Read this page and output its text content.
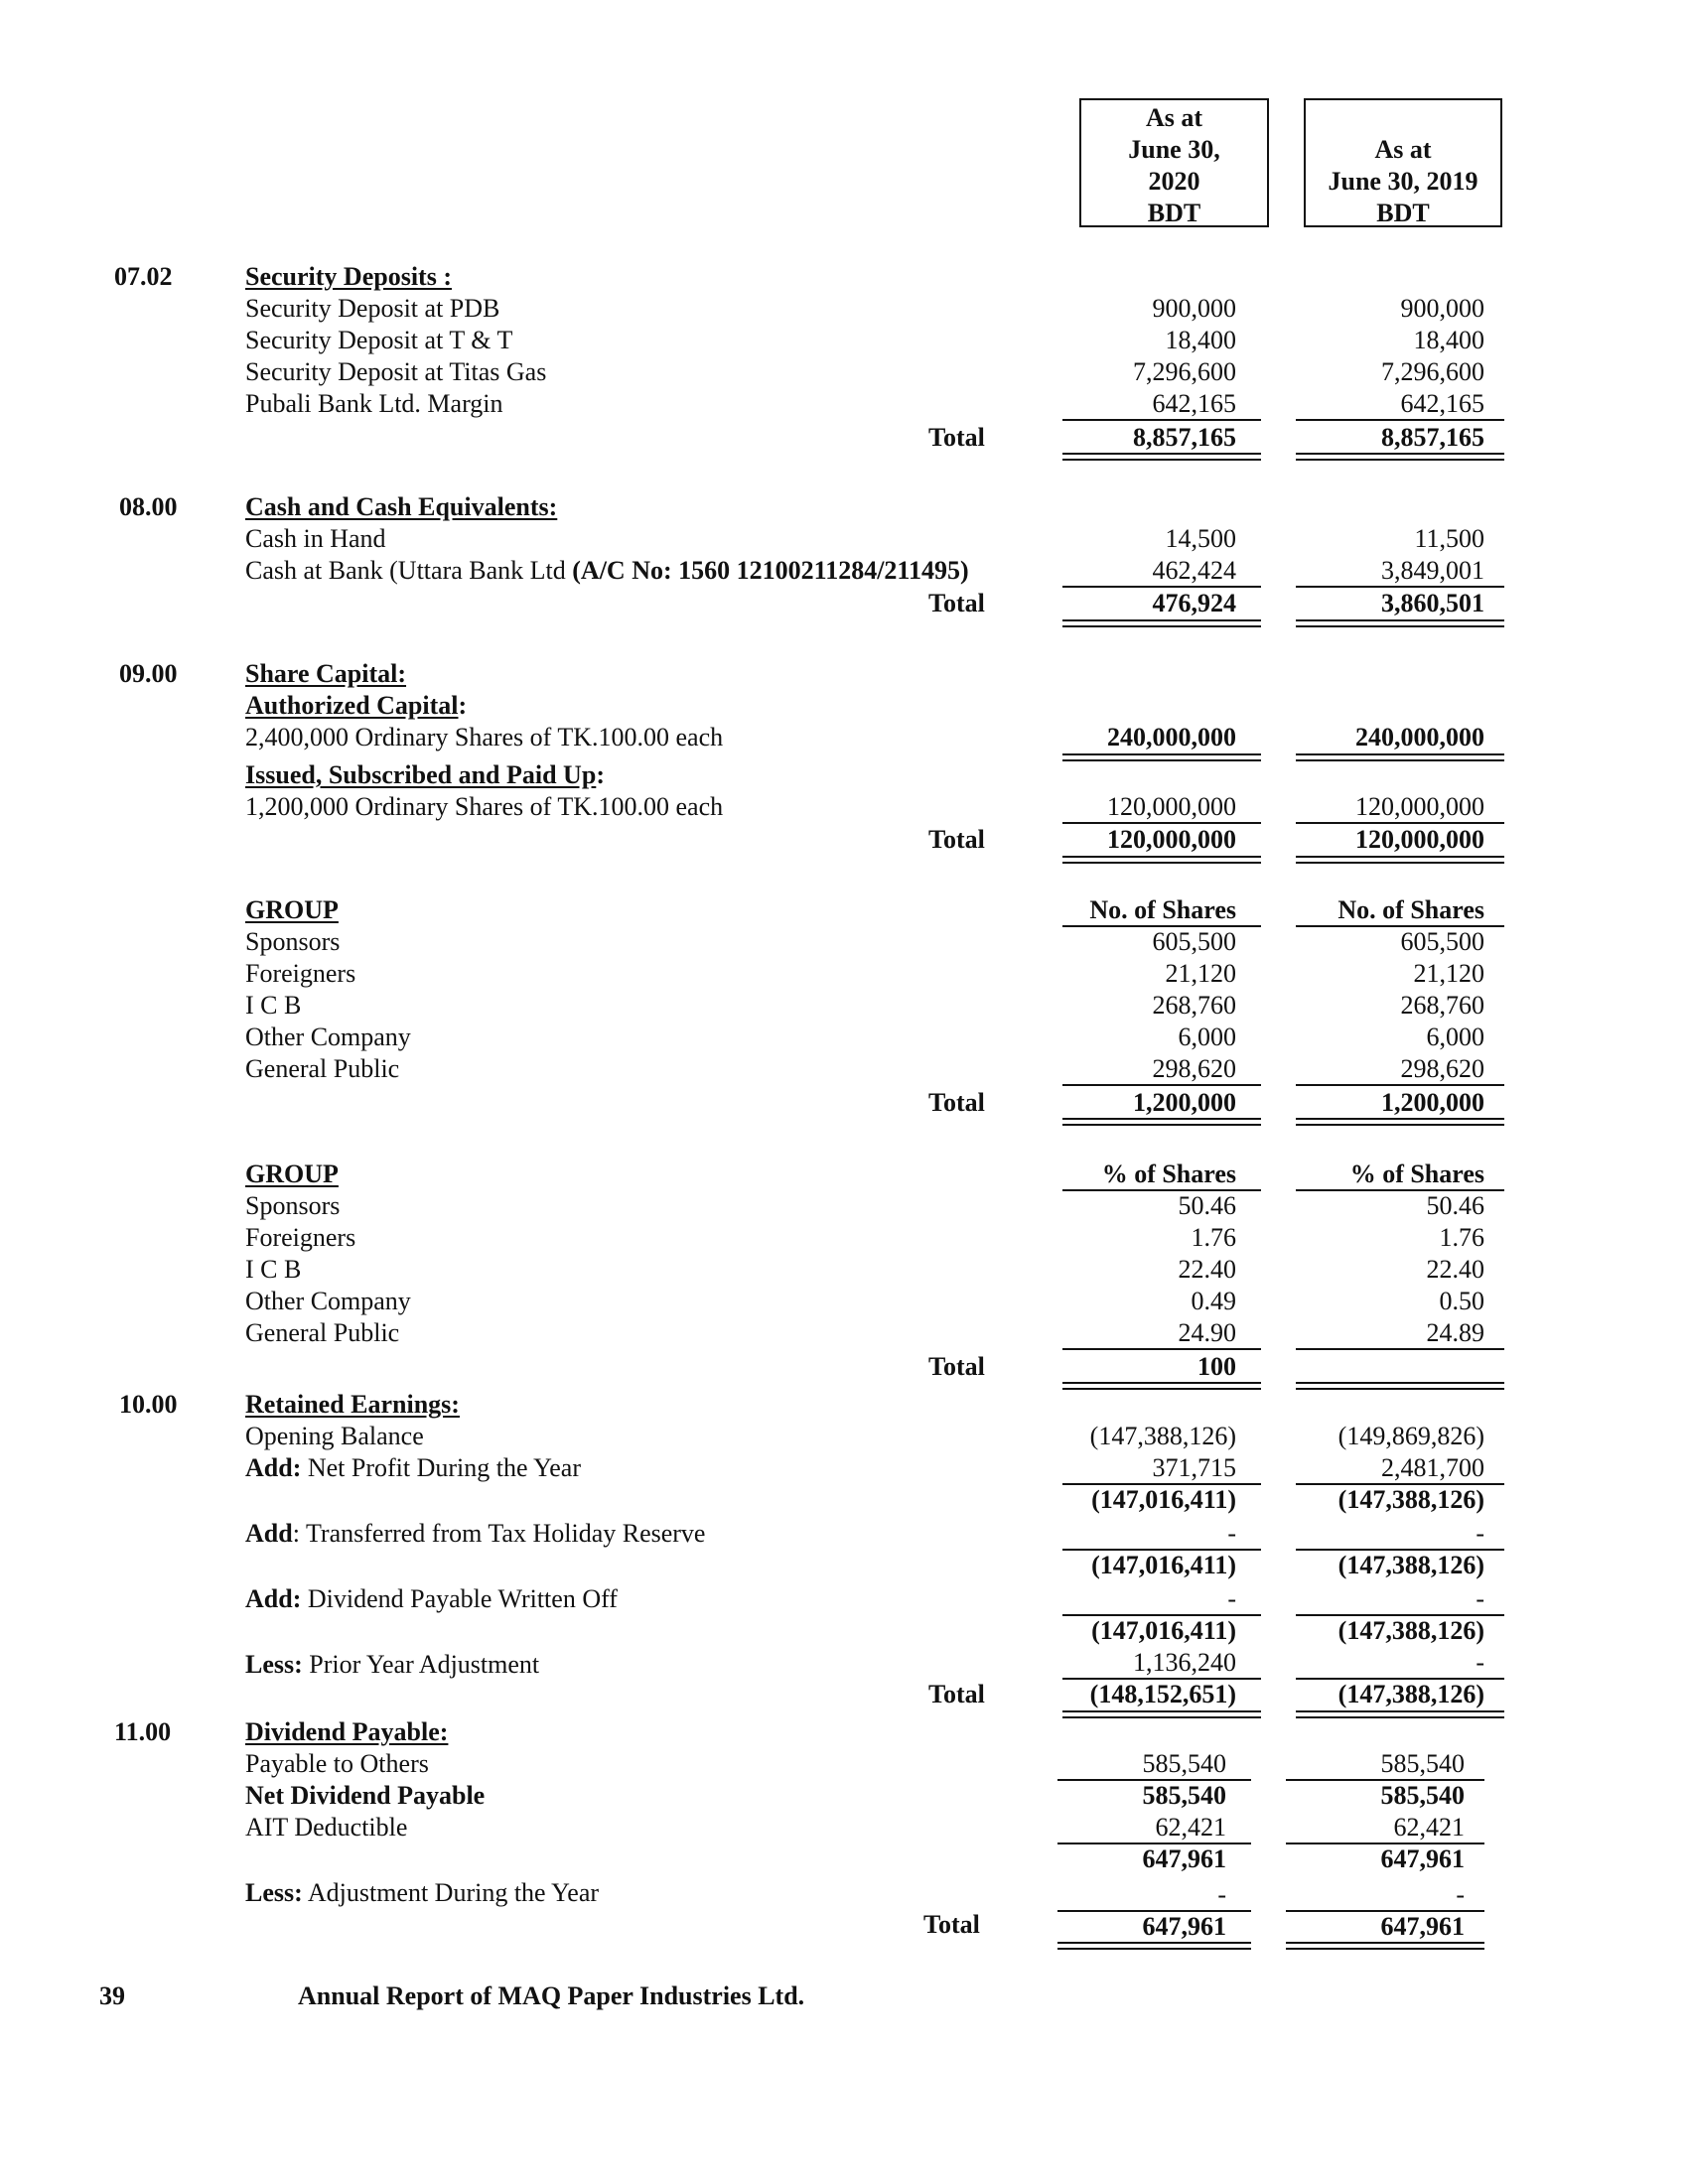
As at
June 30,
2020
BDT
As at
June 30, 2019
BDT
07.02	Security Deposits :
Security Deposit at PDB	900,000	900,000
Security Deposit at T & T	18,400	18,400
Security Deposit at Titas Gas	7,296,600	7,296,600
Pubali Bank Ltd. Margin	642,165	642,165
Total	8,857,165	8,857,165
08.00	Cash and Cash Equivalents:
Cash in Hand	14,500	11,500
Cash at Bank (Uttara Bank Ltd (A/C No: 1560 12100211284/211495)	462,424	3,849,001
Total	476,924	3,860,501
09.00	Share Capital:
Authorized Capital:
2,400,000 Ordinary Shares of TK.100.00 each	240,000,000	240,000,000
Issued, Subscribed and Paid Up:
1,200,000 Ordinary Shares of TK.100.00 each	120,000,000	120,000,000
Total	120,000,000	120,000,000
GROUP	No. of Shares	No. of Shares
Sponsors	605,500	605,500
Foreigners	21,120	21,120
I C B	268,760	268,760
Other Company	6,000	6,000
General Public	298,620	298,620
Total	1,200,000	1,200,000
GROUP	% of Shares	% of Shares
Sponsors	50.46	50.46
Foreigners	1.76	1.76
I C B	22.40	22.40
Other Company	0.49	0.50
General Public	24.90	24.89
Total	100
10.00	Retained Earnings:
Opening Balance	(147,388,126)	(149,869,826)
Add: Net Profit During the Year	371,715	2,481,700
(147,016,411)	(147,388,126)
Add: Transferred from Tax Holiday Reserve	-	-
(147,016,411)	(147,388,126)
Add: Dividend Payable Written Off	-	-
(147,016,411)	(147,388,126)
Less: Prior Year Adjustment	1,136,240	-
Total	(148,152,651)	(147,388,126)
11.00	Dividend Payable:
Payable to Others	585,540	585,540
Net Dividend Payable	585,540	585,540
AIT Deductible	62,421	62,421
647,961	647,961
Less: Adjustment During the Year	-	-
Total	647,961	647,961
39	Annual Report of MAQ Paper Industries Ltd.
